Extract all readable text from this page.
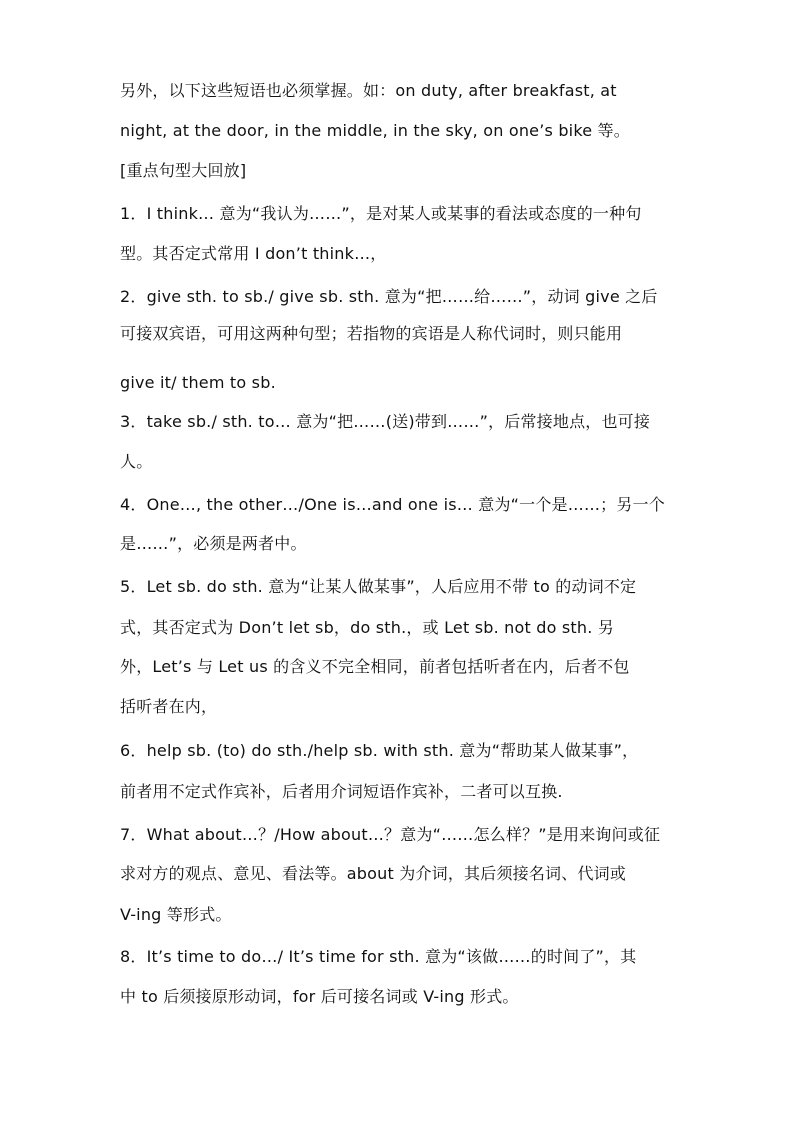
另外，以下这些短语也必须掌握。如：on duty, after breakfast, at
night, at the door, in the middle, in the sky, on one’s bike 等。
[重点句型大回放]
1．I think… 意为“我认为……”，是对某人或某事的看法或态度的一种句
型。其否定式常用 I don’t think…，
2．give sth. to sb./ give sb. sth. 意为“把……给……”，动词 give 之后
可接双宾语，可用这两种句型；若指物的宾语是人称代词时，则只能用
give it/ them to sb.
3．take sb./ sth. to… 意为“把……(送)带到……”，后常接地点，也可接
人。
4．One…, the other…/One is…and one is… 意为“一个是……；另一个
是……”，必须是两者中。
5．Let sb. do sth. 意为“让某人做某事”，人后应用不带 to 的动词不定
式，其否定式为 Don’t let sb，do sth.，或 Let sb. not do sth. 另
外，Let’s 与 Let us 的含义不完全相同，前者包括听者在内，后者不包
括听者在内，
6．help sb. (to) do sth./help sb. with sth. 意为“帮助某人做某事”，
前者用不定式作宾补，后者用介词短语作宾补，二者可以互换.
7．What about…？/How about…？意为“……怎么样？”是用来询问或征
求对方的观点、意见、看法等。about 为介词，其后须接名词、代词或
V-ing 等形式。
8．It’s time to do…/ It’s time for sth. 意为“该做……的时间了”，其
中 to 后须接原形动词，for 后可接名词或 V-ing 形式。
